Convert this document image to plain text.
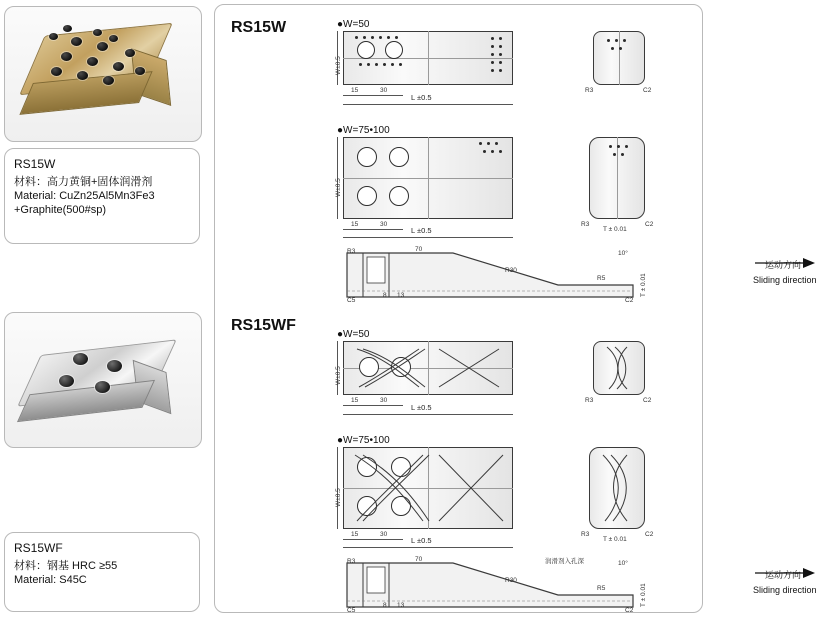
RS15W
材料：高力黄铜+固体润滑剂
Material: CuZn25Al5Mn3Fe3
+Graphite(500#sp)
RS15WF
材料：钢基 HRC ≥55
Material: S45C
RS15W	●W=50
W±0.5
15	30
L ±0.5
R3	C2
●W=75•100
W±0.5
15	30
L ±0.5
R3
T ± 0.01
C2
R3	70
R30
R5
10°
T ± 0.01
C5	C2
8 13
运动方向
Sliding direction
RS15WF
●W=50
W±0.5
15	30
L ±0.5
R3	C2
●W=75•100
W±0.5
15	30
L ±0.5
R3
T ± 0.01
C2
R3	70
R30
R5
10°
润滑剂入孔深
T ± 0.01
C5	C2
8 13
运动方向
Sliding direction
